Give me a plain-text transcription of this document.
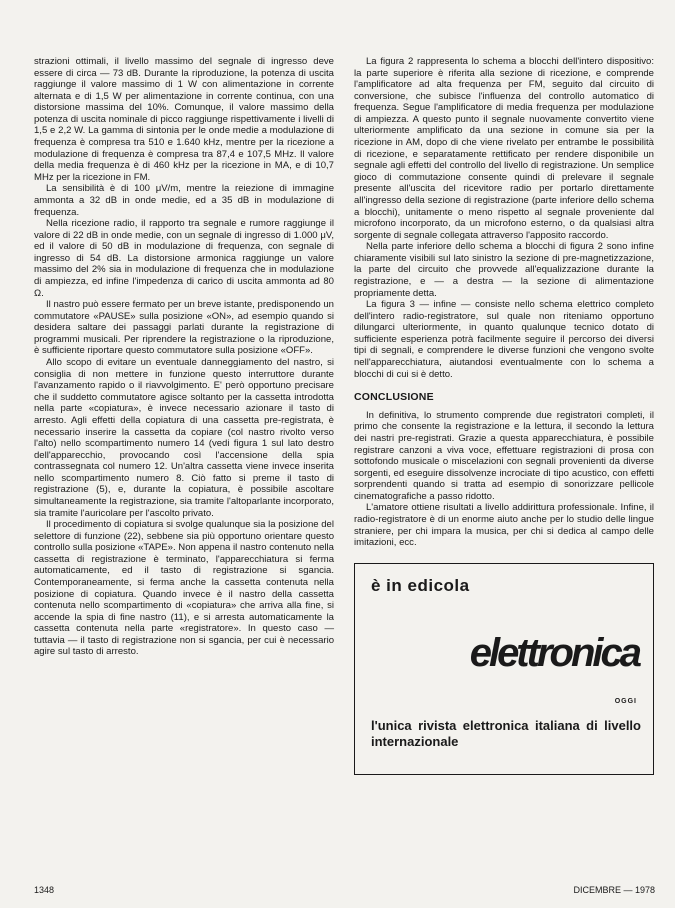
strazioni ottimali, il livello massimo del segnale di ingresso deve essere di circa — 73 dB. Durante la riproduzione, la potenza di uscita raggiunge il valore massimo di 1 W con alimentazione in corrente alternata e di 1,5 W per alimentazione in corrente continua, con una distorsione massima del 10%. Comunque, il valore massimo della potenza di uscita nominale di picco raggiunge rispettivamente i livelli di 1,5 e 2,2 W. La gamma di sintonia per le onde medie a modulazione di frequenza è compresa tra 510 e 1.640 kHz, mentre per la ricezione a modulazione di frequenza è compresa tra 87,4 e 107,5 MHz. Il valore della media frequenza è di 460 kHz per la ricezione in MA, e di 10,7 MHz per la ricezione in FM.

La sensibilità è di 100 μV/m, mentre la reiezione di immagine ammonta a 32 dB in onde medie, ed a 35 dB in modulazione di frequenza.

Nella ricezione radio, il rapporto tra segnale e rumore raggiunge il valore di 22 dB in onde medie, con un segnale di ingresso di 1.000 μV, ed il valore di 50 dB in modulazione di frequenza, con segnale di ingresso di 54 dB. La distorsione armonica raggiunge un valore massimo del 2% sia in modulazione di frequenza che in modulazione di ampiezza, ed infine l'impedenza di carico di uscita ammonta ad 80 Ω.

Il nastro può essere fermato per un breve istante, predisponendo un commutatore «PAUSE» sulla posizione «ON», ad esempio quando si desidera saltare dei passaggi parlati durante la registrazione di programmi musicali. Per riprendere la registrazione o la riproduzione, è sufficiente riportare questo commutatore sulla posizione «OFF».

Allo scopo di evitare un eventuale danneggiamento del nastro, si consiglia di non mettere in funzione questo interruttore durante l'avanzamento rapido o il riavvolgimento. E' però opportuno precisare che il suddetto commutatore agisce soltanto per la cassetta introdotta nella parte «copiatura», è invece necessario azionare il tasto di arresto. Agli effetti della copiatura di una cassetta pre-registrata, è necessario inserire la cassetta da copiare (col nastro rivolto verso l'alto) nello scompartimento numero 14 (vedi figura 1 sul lato destro dell'apparecchio, provocando così l'accensione della spia contrassegnata col numero 12. Un'altra cassetta viene invece inserita nello scompartimento numero 8. Ciò fatto si preme il tasto di registrazione (5), e, durante la copiatura, è possibile ascoltare simultaneamente la registrazione, sia tramite l'altoparlante incorporato, sia tramite l'auricolare per l'ascolto privato.

Il procedimento di copiatura si svolge qualunque sia la posizione del selettore di funzione (22), sebbene sia più opportuno orientare questo controllo sulla posizione «TAPE». Non appena il nastro contenuto nella cassetta di registrazione è terminato, l'apparecchiatura si ferma automaticamente, ed il tasto di registrazione si sgancia. Contemporaneamente, si ferma anche la cassetta contenuta nella posizione di copiatura. Quando invece è il nastro della cassetta contenuta nello scompartimento di «copiatura» che arriva alla fine, si accende la spia di fine nastro (11), e si arresta automaticamente la cassetta contenuta nella parte «registratore». In questo caso — tuttavia — il tasto di registrazione non si sgancia, per cui è necessario agire sul tasto di arresto.

La figura 2 rappresenta lo schema a blocchi dell'intero dispositivo: la parte superiore è riferita alla sezione di ricezione, e comprende l'amplificatore ad alta frequenza per FM, seguito dal circuito di conversione, che subisce l'influenza del controllo automatico di frequenza. Segue l'amplificatore di media frequenza per modulazione di ampiezza. A questo punto il segnale nuovamente convertito viene ulteriormente amplificato da una sezione in comune sia per la ricezione in AM, dopo di che viene rivelato per entrambe le possibilità di ricezione, e separatamente rettificato per rendere disponibile un segnale agli effetti del controllo del livello di registrazione. Un semplice gioco di commutazione consente quindi di prelevare il segnale presente all'uscita del ricevitore radio per portarlo direttamente all'ingresso della sezione di registrazione (parte inferiore dello schema a blocchi), unitamente o meno rispetto al segnale proveniente dal microfono incorporato, da un microfono esterno, o da qualsiasi altra sorgente di segnale collegata attraverso l'apposito raccordo.

Nella parte inferiore dello schema a blocchi di figura 2 sono infine chiaramente visibili sul lato sinistro la sezione di pre-magnetizzazione, la parte del circuito che provvede all'equalizzazione durante la registrazione, e — a destra — la sezione di alimentazione propriamente detta.

La figura 3 — infine — consiste nello schema elettrico completo dell'intero radio-registratore, sul quale non riteniamo opportuno dilungarci ulteriormente, in quanto qualunque tecnico dotato di sufficiente esperienza potrà facilmente seguire il percorso dei diversi tipi di segnali, e comprendere le diverse funzioni che vengono svolte nell'apparecchiatura, aiutandosi eventualmente con lo schema a blocchi di cui si è detto.

CONCLUSIONE

In definitiva, lo strumento comprende due registratori completi, il primo che consente la registrazione e la lettura, il secondo la lettura dei nastri pre-registrati. Grazie a questa apparecchiatura, è possibile registrare canzoni a viva voce, effettuare registrazioni di prosa con sottofondo musicale o miscelazioni con segnali provenienti da diverse sorgenti, ed eseguire dissolvenze incrociate di tipo acustico, con effetti sorprendenti quando si tratta ad esempio di sonorizzare pellicole cinematografiche a passo ridotto.

L'amatore ottiene risultati a livello addirittura professionale. Infine, il radio-registratore è di un enorme aiuto anche per lo studio delle lingue straniere, per chi impara la musica, per chi si dedica al campo delle imitazioni, ecc.

è in edicola
elettronica
OGGI
l'unica rivista elettronica italiana di livello internazionale
1348	DICEMBRE — 1978
